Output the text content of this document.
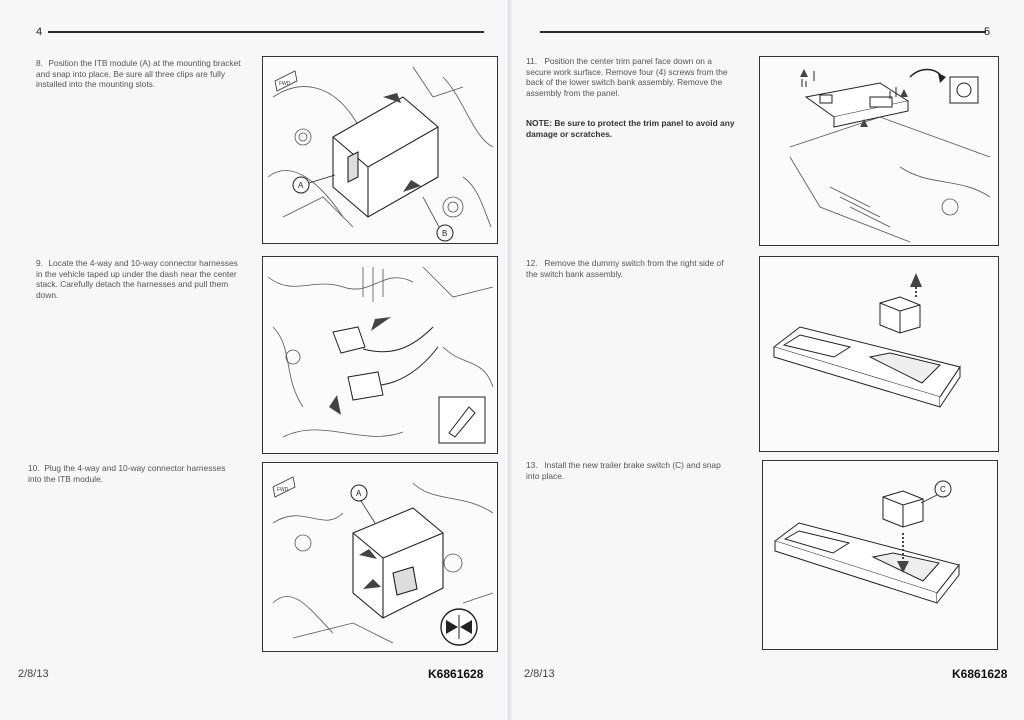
4
8. Position the ITB module (A) at the mounting bracket and snap into place. Be sure all three clips are fully installed into the mounting slots.	FWD
A
B
9. Locate the 4-way and 10-way connector harnesses in the vehicle taped up under the dash near the center stack. Carefully detach the harnesses and pull them down.
10. Plug the 4-way and 10-way connector harnesses into the ITB module.
FWD	A
2/8/13	K6861628
5
11. Position the center trim panel face down on a secure work surface. Remove four (4) screws from the back of the lower switch bank assembly. Remove the assembly from the panel.
NOTE: Be sure to protect the trim panel to avoid any damage or scratches.
12. Remove the dummy switch from the right side of the switch bank assembly.
13. Install the new trailer brake switch (C) and snap into place.
C
2/8/13	K6861628
